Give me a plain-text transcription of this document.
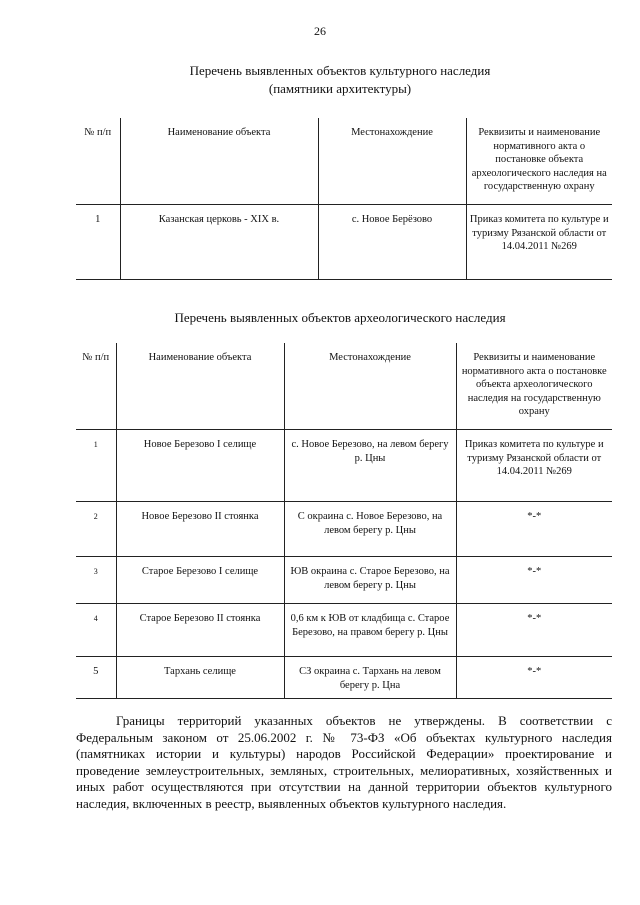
26
Перечень выявленных объектов культурного наследия
(памятники архитектуры)
№ п/п	Наименование объекта	Местонахождение	Реквизиты и наименование нормативного акта о постановке объекта археологического наследия на государственную охрану
1	Казанская церковь - XIX в.	с. Новое Берёзово	Приказ комитета по культуре и туризму Рязанской области от 14.04.2011 №269
Перечень выявленных объектов археологического наследия
№ п/п	Наименование объекта	Местонахождение	Реквизиты и наименование нормативного акта о постановке объекта археологического наследия на государственную охрану
1	Новое Березово I селище	с. Новое Березово, на левом берегу р. Цны	Приказ комитета по культуре и туризму Рязанской области от 14.04.2011 №269
2	Новое Березово II стоянка	С окраина с. Новое Березово, на левом берегу р. Цны	*-*
3	Старое Березово I селище	ЮВ окраина с. Старое Березово, на левом берегу р. Цны	*-*
4	Старое Березово II стоянка	0,6 км к ЮВ от кладбища с. Старое Березово, на правом берегу р. Цны	*-*
5	Тархань селище	СЗ окраина с. Тархань на левом берегу р. Цна	*-*
Границы территорий указанных объектов не утверждены. В соответствии с Федеральным законом от 25.06.2002 г. № 73-ФЗ «Об объектах культурного наследия (памятниках истории и культуры) народов Российской Федерации» проектирование и проведение землеустроительных, земляных, строительных, мелиоративных, хозяйственных и иных работ осуществляются при отсутствии на данной территории объектов культурного наследия, включенных в реестр, выявленных объектов культурного наследия.
